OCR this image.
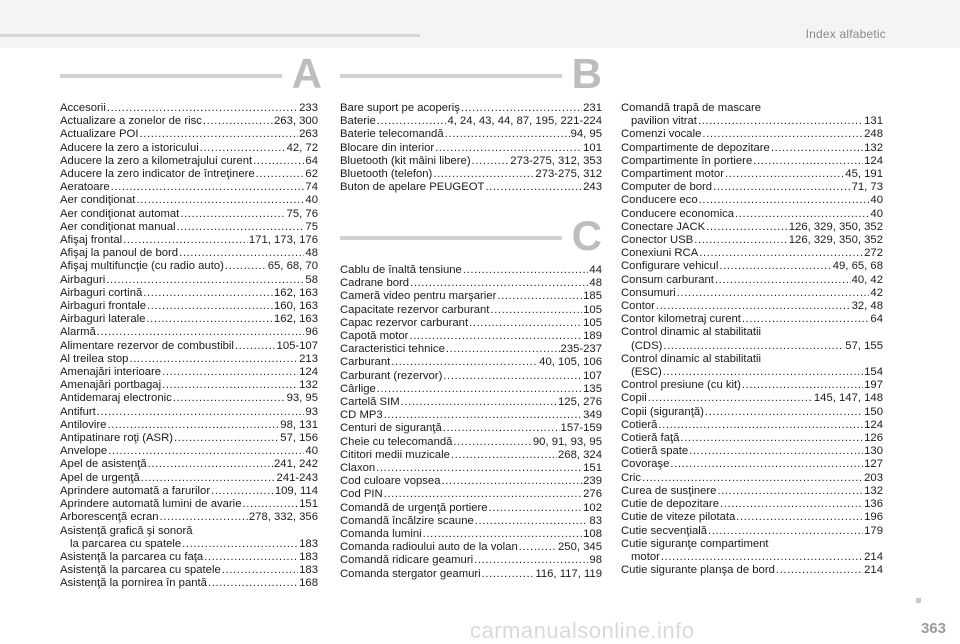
Index alfabetic
A
Accesorii .....	233
Actualizare a zonelor de risc .....	263, 300
Actualizare POI .....	263
Aducere la zero a istoricului .....	42, 72
Aducere la zero a kilometrajului curent .....	64
Aducere la zero indicator de întreţinere .....	62
Aeratoare .....	74
Aer condiţionat .....	40
Aer condiţionat automat .....	75, 76
Aer condiţionat manual .....	75
Afişaj frontal .....	171, 173, 176
Afişaj la panoul de bord .....	48
Afişaj multifuncţie (cu radio auto) .....	65, 68, 70
Airbaguri .....	58
Airbaguri cortină .....	162, 163
Airbaguri frontale .....	160, 163
Airbaguri laterale .....	162, 163
Alarmă .....	96
Alimentare rezervor de combustibil .....	105-107
Al treilea stop .....	213
Amenajări interioare .....	124
Amenajări portbagaj .....	132
Antidemaraj electronic .....	93, 95
Antifurt .....	93
Antilovire .....	98, 131
Antipatinare roţi (ASR) .....	57, 156
Anvelope .....	40
Apel de asistenţă .....	241, 242
Apel de urgenţă .....	241-243
Aprindere automată a farurilor .....	109, 114
Aprindere automată lumini de avarie .....	151
Arborescenţă ecran .....	278, 332, 356
Asistenţă grafică şi sonoră
la parcarea cu spatele .....	183
Asistenţă la parcarea cu faţa .....	183
Asistenţă la parcarea cu spatele .....	183
Asistenţă la pornirea în pantă .....	168
B
Bare suport pe acoperiş .....	231
Baterie .....	4, 24, 43, 44, 87, 195, 221-224
Baterie telecomandă .....	94, 95
Blocare din interior .....	101
Bluetooth (kit mâini libere) .....	273-275, 312, 353
Bluetooth (telefon) .....	273-275, 312
Buton de apelare PEUGEOT .....	243
C
Cablu de înaltă tensiune .....	44
Cadrane bord .....	48
Cameră video pentru marşarier .....	185
Capacitate rezervor carburant .....	105
Capac rezervor carburant .....	105
Capotă motor .....	189
Caracteristici tehnice .....	235-237
Carburant .....	40, 105, 106
Carburant (rezervor) .....	107
Cârlige .....	135
Cartelă SIM .....	125, 276
CD MP3 .....	349
Centuri de siguranţă .....	157-159
Cheie cu telecomandă .....	90, 91, 93, 95
Cititori medii muzicale .....	268, 324
Claxon .....	151
Cod culoare vopsea .....	239
Cod PIN .....	276
Comandă de urgenţă portiere .....	102
Comandă încălzire scaune .....	83
Comanda lumini .....	108
Comanda radioului auto de la volan .....	250, 345
Comandă ridicare geamuri .....	98
Comanda stergator geamuri .....	116, 117, 119
Comandă trapă de mascare
pavilion vitrat .....	131
Comenzi vocale .....	248
Compartimente de depozitare .....	132
Compartimente în portiere .....	124
Compartiment motor .....	45, 191
Computer de bord .....	71, 73
Conducere eco .....	40
Conducere economica .....	40
Conectare JACK .....	126, 329, 350, 352
Conector USB .....	126, 329, 350, 352
Conexiuni RCA .....	272
Configurare vehicul .....	49, 65, 68
Consum carburant .....	40, 42
Consumuri .....	42
Contor .....	32, 48
Contor kilometraj curent .....	64
Control dinamic al stabilitatii
(CDS) .....	57, 155
Control dinamic al stabilitatii
(ESC) .....	154
Control presiune (cu kit) .....	197
Copii .....	145, 147, 148
Copii (siguranţă) .....	150
Cotieră .....	124
Cotieră faţă .....	126
Cotieră spate .....	130
Covoraşe .....	127
Cric .....	203
Curea de susţinere .....	132
Cutie de depozitare .....	136
Cutie de viteze pilotata .....	196
Cutie secvenţială .....	179
Cutie siguranţe compartiment
motor .....	214
Cutie sigurante planşa de bord .....	214
carmanualsonline.info	363
